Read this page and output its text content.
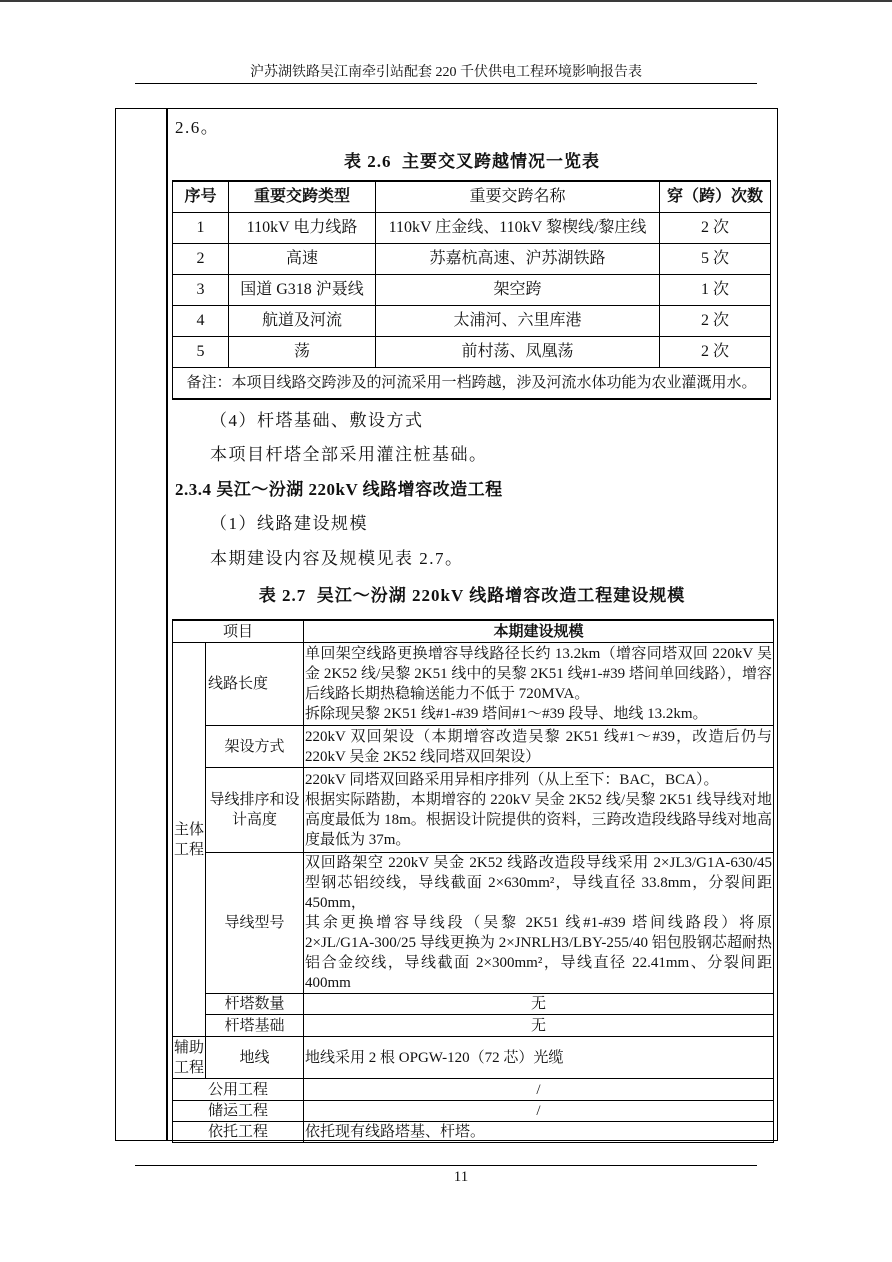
沪苏湖铁路吴江南牵引站配套 220 千伏供电工程环境影响报告表
2.6。
表 2.6  主要交叉跨越情况一览表
序号	重要交跨类型	重要交跨名称	穿（跨）次数
1	110kV 电力线路	110kV 庄金线、110kV 黎楔线/黎庄线	2 次
2	高速	苏嘉杭高速、沪苏湖铁路	5 次
3	国道 G318 沪聂线	架空跨	1 次
4	航道及河流	太浦河、六里库港	2 次
5	荡	前村荡、凤凰荡	2 次
备注：本项目线路交跨涉及的河流采用一档跨越，涉及河流水体功能为农业灌溉用水。			
（4）杆塔基础、敷设方式
本项目杆塔全部采用灌注桩基础。
2.3.4 吴江～汾湖 220kV 线路增容改造工程
（1）线路建设规模
本期建设内容及规模见表 2.7。
表 2.7  吴江～汾湖 220kV 线路增容改造工程建设规模
项目		本期建设规模
主体工程	线路长度	单回架空线路更换增容导线路径长约 13.2km（增容同塔双回 220kV 吴金 2K52 线/吴黎 2K51 线中的吴黎 2K51 线#1-#39 塔间单回线路），增容后线路长期热稳输送能力不低于 720MVA。

拆除现吴黎 2K51 线#1-#39 塔间#1～#39 段导、地线 13.2km。

	架设方式	220kV 双回架设（本期增容改造吴黎 2K51 线#1～#39，改造后仍与 220kV 吴金 2K52 线同塔双回架设）

	导线排序和设计高度	220kV 同塔双回路采用异相序排列（从上至下：BAC，BCA）。

根据实际踏勘，本期增容的 220kV 吴金 2K52 线/吴黎 2K51 线导线对地高度最低为 18m。根据设计院提供的资料，三跨改造段线路导线对地高度最低为 37m。

	导线型号	双回路架空 220kV 吴金 2K52 线路改造段导线采用 2×JL3/G1A-630/45 型钢芯铝绞线，导线截面 2×630mm²，导线直径 33.8mm，分裂间距 450mm，

其余更换增容导线段（吴黎 2K51 线#1-#39 塔间线路段）将原 2×JL/G1A-300/25 导线更换为 2×JNRLH3/LBY-255/40 铝包股钢芯超耐热铝合金绞线，导线截面 2×300mm²，导线直径 22.41mm、分裂间距 400mm

	杆塔数量	无
	杆塔基础	无
辅助工程	地线	地线采用 2 根 OPGW-120（72 芯）光缆
公用工程		/
储运工程		/
依托工程		依托现有线路塔基、杆塔。
11
